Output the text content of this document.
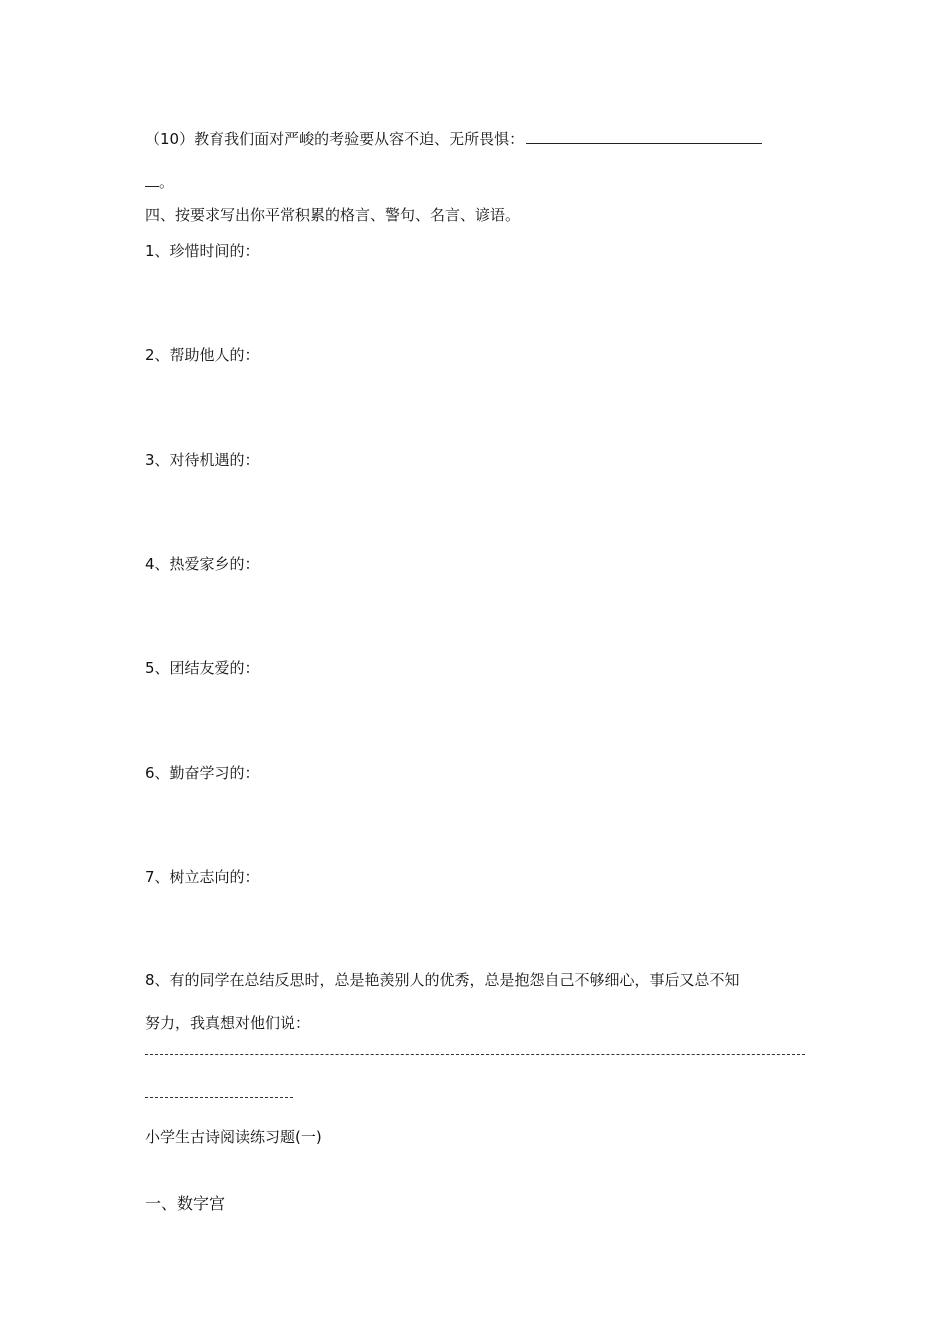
（10）教育我们面对严峻的考验要从容不迫、无所畏惧：
。
四、按要求写出你平常积累的格言、警句、名言、谚语。
1、珍惜时间的：
2、帮助他人的：
3、对待机遇的：
4、热爱家乡的：
5、团结友爱的：
6、勤奋学习的：
7、树立志向的：
8、有的同学在总结反思时，总是艳羡别人的优秀，总是抱怨自己不够细心，事后又总不知
努力，我真想对他们说：
小学生古诗阅读练习题(一)
一、数字宫
